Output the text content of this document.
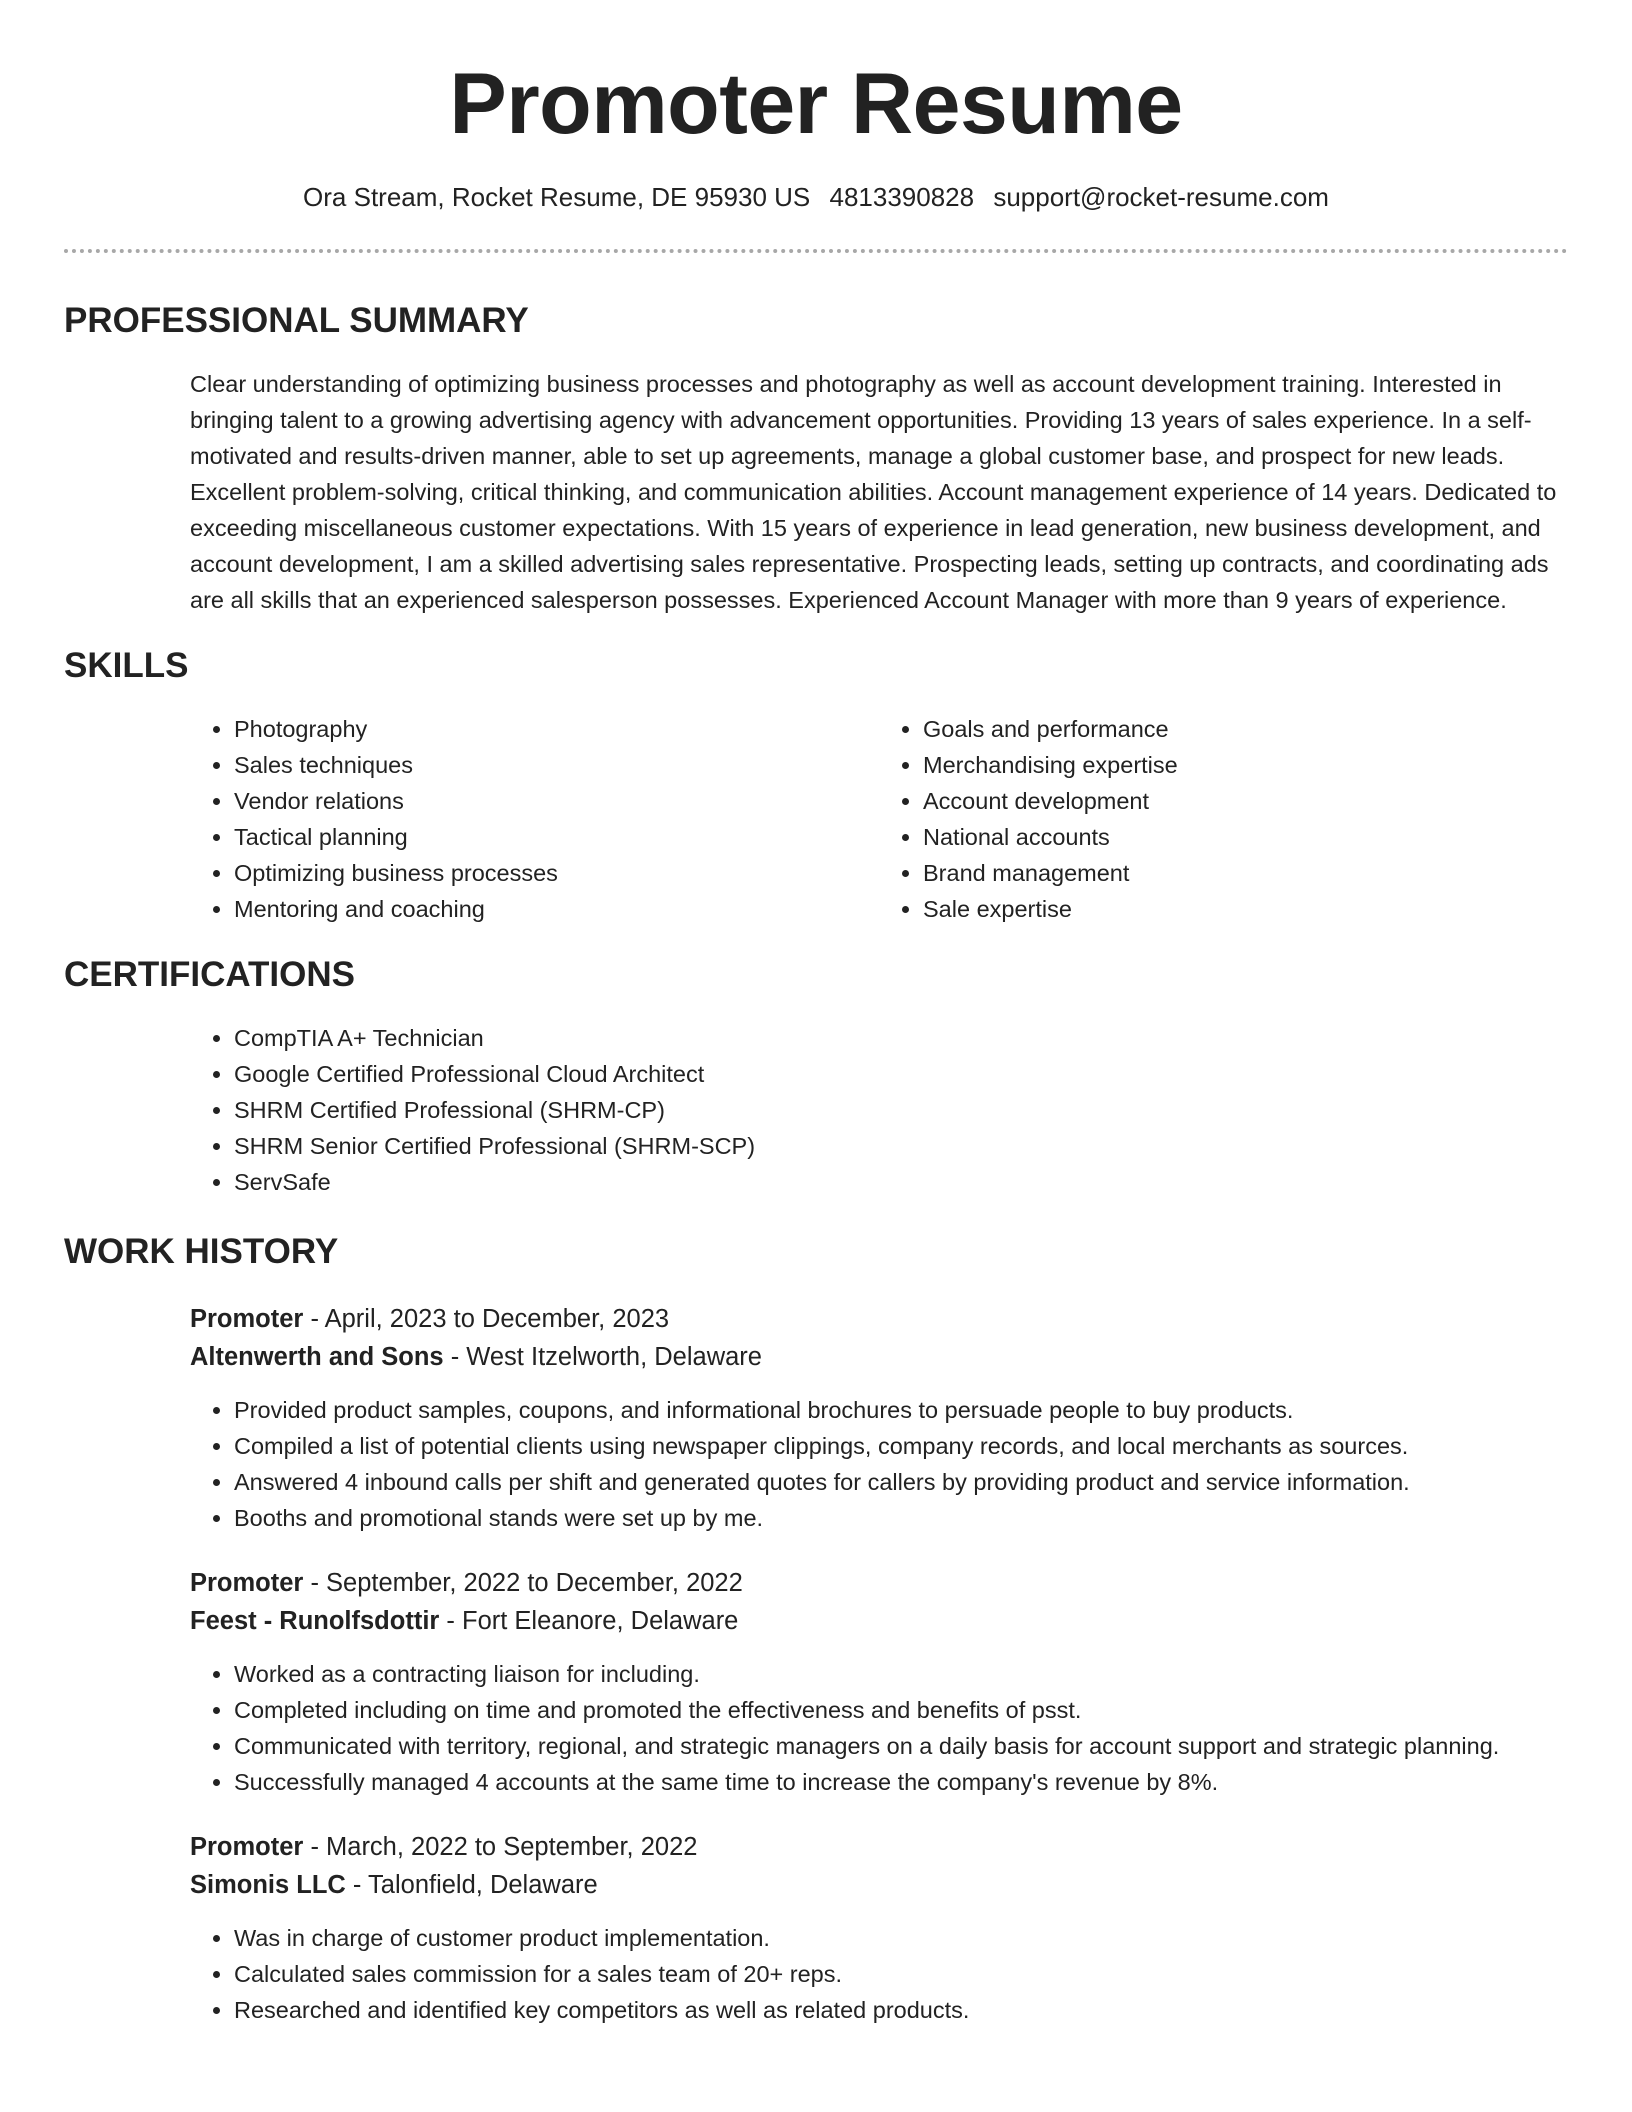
Promoter Resume
Ora Stream, Rocket Resume, DE 95930 US 4813390828 support@rocket-resume.com
PROFESSIONAL SUMMARY

Clear understanding of optimizing business processes and photography as well as account development training. Interested in bringing talent to a growing advertising agency with advancement opportunities. Providing 13 years of sales experience. In a self-motivated and results-driven manner, able to set up agreements, manage a global customer base, and prospect for new leads. Excellent problem-solving, critical thinking, and communication abilities. Account management experience of 14 years. Dedicated to exceeding miscellaneous customer expectations. With 15 years of experience in lead generation, new business development, and account development, I am a skilled advertising sales representative. Prospecting leads, setting up contracts, and coordinating ads are all skills that an experienced salesperson possesses. Experienced Account Manager with more than 9 years of experience.

SKILLS
• Photography
• Sales techniques
• Vendor relations
• Tactical planning
• Optimizing business processes
• Mentoring and coaching
• Goals and performance
• Merchandising expertise
• Account development
• National accounts
• Brand management
• Sale expertise
CERTIFICATIONS
• CompTIA A+ Technician
• Google Certified Professional Cloud Architect
• SHRM Certified Professional (SHRM-CP)
• SHRM Senior Certified Professional (SHRM-SCP)
• ServSafe
WORK HISTORY
Promoter - April, 2023 to December, 2023
Altenwerth and Sons - West Itzelworth, Delaware
• Provided product samples, coupons, and informational brochures to persuade people to buy products.
• Compiled a list of potential clients using newspaper clippings, company records, and local merchants as sources.
• Answered 4 inbound calls per shift and generated quotes for callers by providing product and service information.
• Booths and promotional stands were set up by me.
Promoter - September, 2022 to December, 2022
Feest - Runolfsdottir - Fort Eleanore, Delaware
• Worked as a contracting liaison for including.
• Completed including on time and promoted the effectiveness and benefits of psst.
• Communicated with territory, regional, and strategic managers on a daily basis for account support and strategic planning.
• Successfully managed 4 accounts at the same time to increase the company's revenue by 8%.
Promoter - March, 2022 to September, 2022
Simonis LLC - Talonfield, Delaware
• Was in charge of customer product implementation.
• Calculated sales commission for a sales team of 20+ reps.
• Researched and identified key competitors as well as related products.
